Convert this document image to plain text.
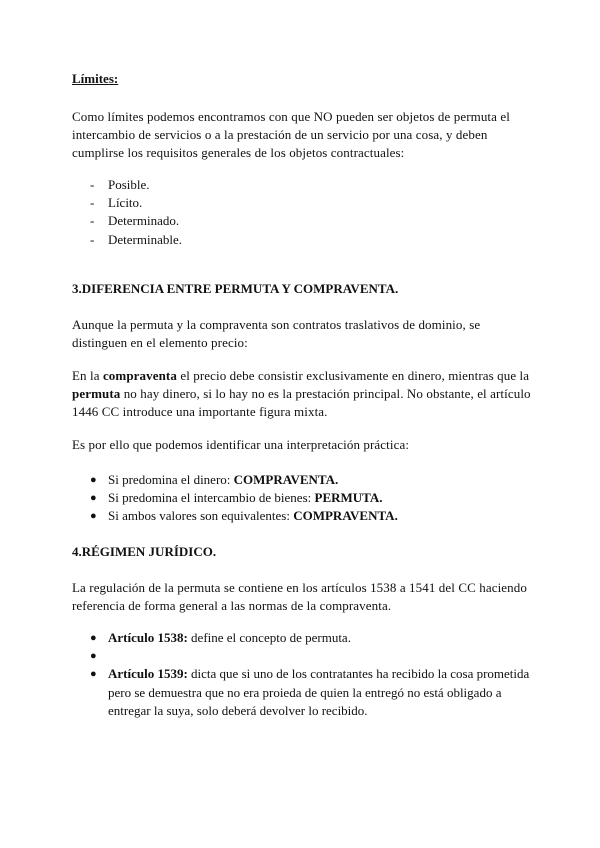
Límites:

Como límites podemos encontramos con que NO pueden ser objetos de permuta el intercambio de servicios o a la prestación de un servicio por una cosa, y deben cumplirse los requisitos generales de los objetos contractuales:

- Posible.
- Lícito.
- Determinado.
- Determinable.

3.DIFERENCIA ENTRE PERMUTA Y COMPRAVENTA.

Aunque la permuta y la compraventa son contratos traslativos de dominio, se distinguen en el elemento precio:

En la compraventa el precio debe consistir exclusivamente en dinero, mientras que la permuta no hay dinero, si lo hay no es la prestación principal. No obstante, el artículo 1446 CC introduce una importante figura mixta.

Es por ello que podemos identificar una interpretación práctica:

● Si predomina el dinero: COMPRAVENTA.
● Si predomina el intercambio de bienes: PERMUTA.
● Si ambos valores son equivalentes: COMPRAVENTA.

4.RÉGIMEN JURÍDICO.

La regulación de la permuta se contiene en los artículos 1538 a 1541 del CC haciendo referencia de forma general a las normas de la compraventa.

● Artículo 1538: define el concepto de permuta.
●
● Artículo 1539: dicta que si uno de los contratantes ha recibido la cosa prometida pero se demuestra que no era proieda de quien la entregó no está obligado a entregar la suya, solo deberá devolver lo recibido.
